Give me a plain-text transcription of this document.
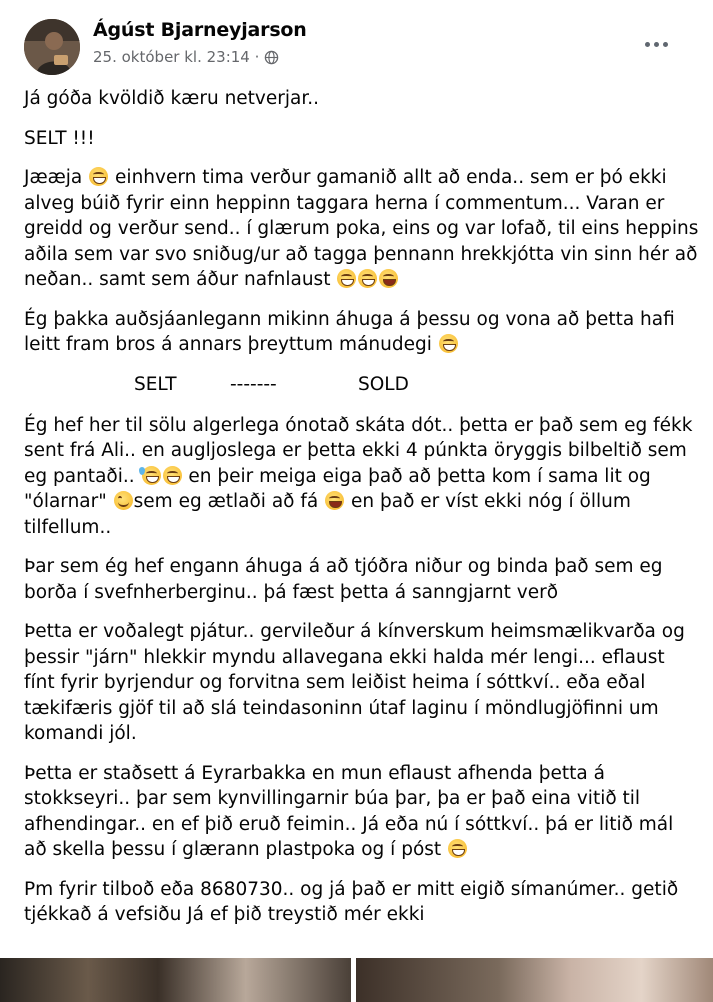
Ágúst Bjarneyjarson
25. október kl. 23:14 ·

Já góða kvöldið kæru netverjar..

SELT !!!

Jææja einhvern tima verður gamanið allt að enda.. sem er þó ekki alveg búið fyrir einn heppinn taggara herna í commentum... Varan er greidd og verður send.. í glærum poka, eins og var lofað, til eins heppins aðila sem var svo sniðug/ur að tagga þennann hrekkjótta vin sinn hér að neðan.. samt sem áður nafnlaust

Ég þakka auðsjáanlegann mikinn áhuga á þessu og vona að þetta hafi leitt fram bros á annars þreyttum mánudegi

SELT	-------	SOLD

Ég hef her til sölu algerlega ónotað skáta dót.. þetta er það sem eg fékk sent frá Ali.. en augljoslega er þetta ekki 4 púnkta öryggis bilbeltið sem eg pantaði..	en þeir meiga eiga það að þetta kom í sama lit og "ólarnar" sem eg ætlaði að fá en það er víst ekki nóg í öllum tilfellum..

Þar sem ég hef engann áhuga á að tjóðra niður og binda það sem eg borða í svefnherberginu.. þá fæst þetta á sanngjarnt verð

Þetta er voðalegt pjátur.. gervileður á kínverskum heimsmælikvarða og þessir "járn" hlekkir myndu allavegana ekki halda mér lengi... eflaust fínt fyrir byrjendur og forvitna sem leiðist heima í sóttkví.. eða eðal tækifæris gjöf til að slá teindasoninn útaf laginu í möndlugjöfinni um komandi jól.

Þetta er staðsett á Eyrarbakka en mun eflaust afhenda þetta á stokkseyri.. þar sem kynvillingarnir búa þar, þa er það eina vitið til afhendingar.. en ef þið eruð feimin.. Já eða nú í sóttkví.. þá er litið mál að skella þessu í glærann plastpoka og í póst

Pm fyrir tilboð eða 8680730.. og já það er mitt eigið símanúmer.. getið tjékkað á vefsiðu Já ef þið treystið mér ekki
